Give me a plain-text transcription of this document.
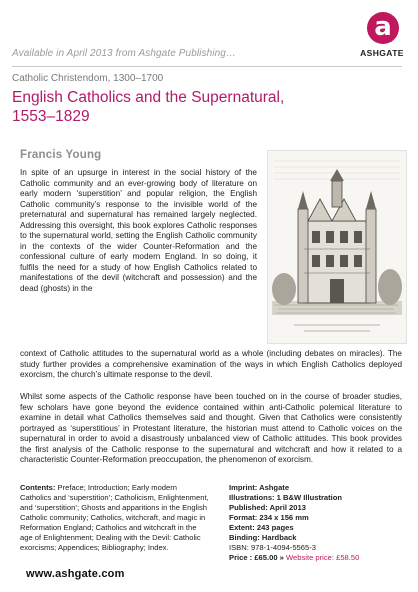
Available in April 2013 from Ashgate Publishing…
a
ASHGATE
Catholic Christendom, 1300–1700
English Catholics and the Supernatural,
1553–1829
Francis Young
In spite of an upsurge in interest in the social history of the Catholic community and an ever-growing body of literature on early modern ‘superstition’ and popular religion, the English Catholic community’s response to the invisible world of the preternatural and supernatural has remained largely neglected. Addressing this oversight, this book explores Catholic responses to the supernatural world, setting the English Catholic community in the contexts of the wider Counter-Reformation and the confessional culture of early modern England. In so doing, it fulfils the need for a study of how English Catholics related to manifestations of the devil (witchcraft and possession) and the dead (ghosts) in the
context of Catholic attitudes to the supernatural world as a whole (including debates on miracles). The study further provides a comprehensive examination of the ways in which English Catholics deployed exorcism, the church’s ultimate response to the devil.
Whilst some aspects of the Catholic response have been touched on in the course of broader studies, few scholars have gone beyond the evidence contained within anti-Catholic polemical literature to examine in detail what Catholics themselves said and thought. Given that Catholics were consistently portrayed as ‘superstitious’ in Protestant literature, the historian must attend to Catholic voices on the supernatural in order to avoid a disastrously unbalanced view of Catholic attitudes. This book provides the first analysis of the Catholic response to the supernatural and witchcraft and how it related to a characteristic Counter-Reformation preoccupation, the phenomenon of exorcism.
Contents: Preface; Introduction; Early modern Catholics and ‘superstition’; Catholicism, Enlightenment, and ‘superstition’; Ghosts and apparitions in the English Catholic community; Catholics, witchcraft, and magic in Reformation England; Catholics and witchcraft in the age of Enlightenment; Dealing with the Devil: Catholic exorcisms; Appendices; Bibliography; Index.
Imprint: Ashgate
Illustrations: 1 B&W Illustration
Published: April 2013
Format: 234 x 156 mm
Extent: 243 pages
Binding: Hardback
ISBN: 978-1-4094-5565-3
Price : £65.00 » Website price: £58.50
www.ashgate.com
